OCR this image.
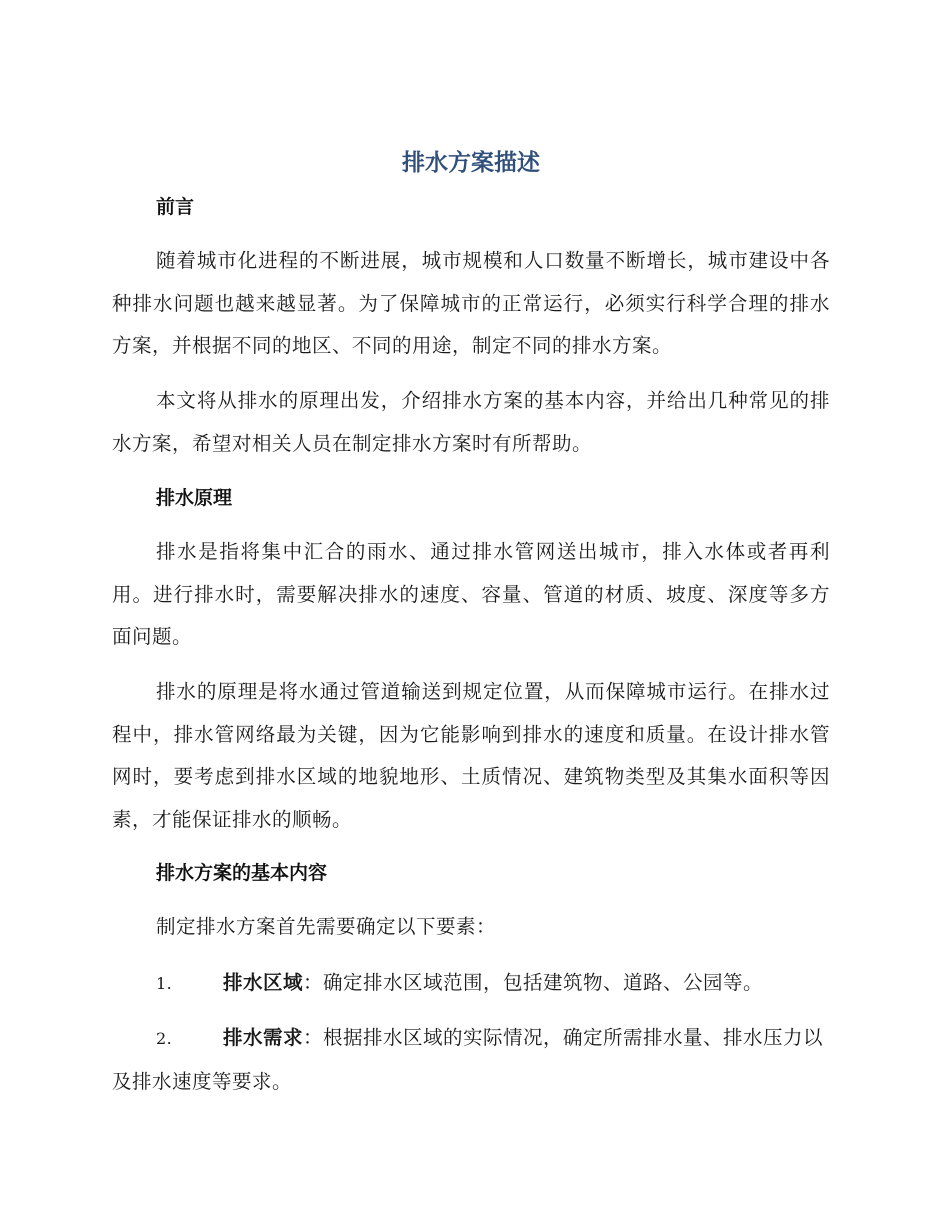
排水方案描述
前言

随着城市化进程的不断进展，城市规模和人口数量不断增长，城市建设中各种排水问题也越来越显著。为了保障城市的正常运行，必须实行科学合理的排水方案，并根据不同的地区、不同的用途，制定不同的排水方案。

本文将从排水的原理出发，介绍排水方案的基本内容，并给出几种常见的排水方案，希望对相关人员在制定排水方案时有所帮助。

排水原理

排水是指将集中汇合的雨水、通过排水管网送出城市，排入水体或者再利用。进行排水时，需要解决排水的速度、容量、管道的材质、坡度、深度等多方面问题。

排水的原理是将水通过管道输送到规定位置，从而保障城市运行。在排水过程中，排水管网络最为关键，因为它能影响到排水的速度和质量。在设计排水管网时，要考虑到排水区域的地貌地形、土质情况、建筑物类型及其集水面积等因素，才能保证排水的顺畅。

排水方案的基本内容

制定排水方案首先需要确定以下要素：

1.	排水区域：确定排水区域范围，包括建筑物、道路、公园等。

2.	排水需求：根据排水区域的实际情况，确定所需排水量、排水压力以及排水速度等要求。
